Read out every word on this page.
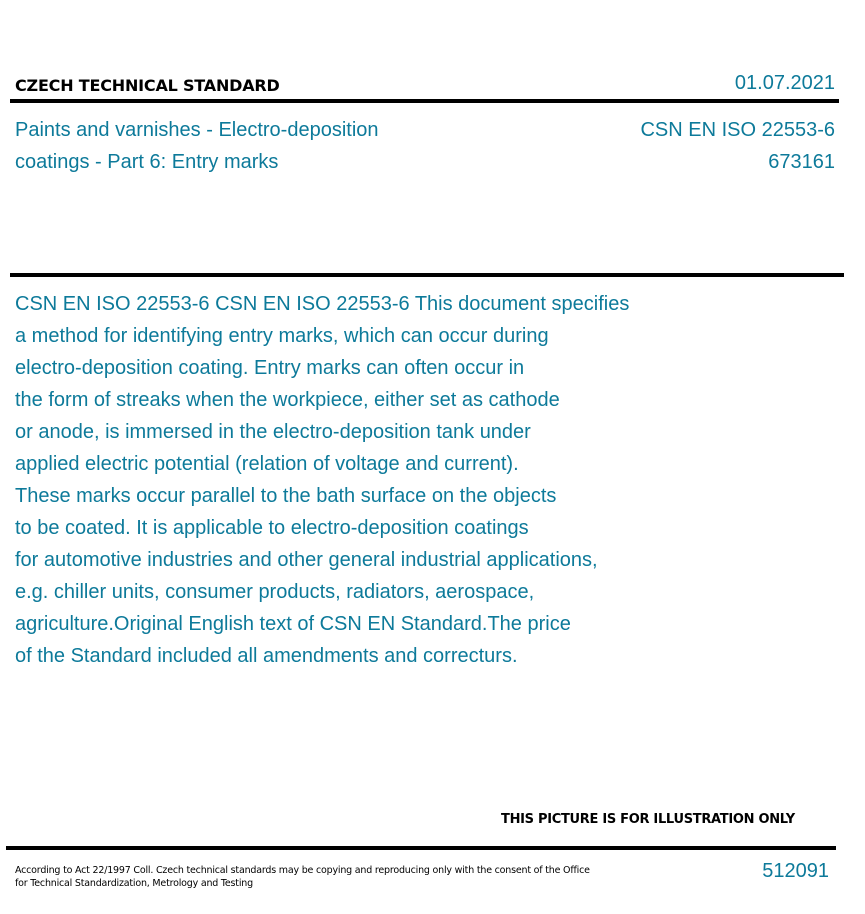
CZECH TECHNICAL STANDARD	01.07.2021
Paints and varnishes - Electro-deposition
coatings - Part 6: Entry marks
CSN EN ISO 22553-6
673161
CSN EN ISO 22553-6 CSN EN ISO 22553-6 This document specifies
a method for identifying entry marks, which can occur during
electro-deposition coating. Entry marks can often occur in
the form of streaks when the workpiece, either set as cathode
or anode, is immersed in the electro-deposition tank under
applied electric potential (relation of voltage and current).
These marks occur parallel to the bath surface on the objects
to be coated. It is applicable to electro-deposition coatings
for automotive industries and other general industrial applications,
e.g. chiller units, consumer products, radiators, aerospace,
agriculture.Original English text of CSN EN Standard.The price
of the Standard included all amendments and correcturs.
THIS PICTURE IS FOR ILLUSTRATION ONLY
According to Act 22/1997 Coll. Czech technical standards may be copying and reproducing only with the consent of the Office
for Technical Standardization, Metrology and Testing
512091
